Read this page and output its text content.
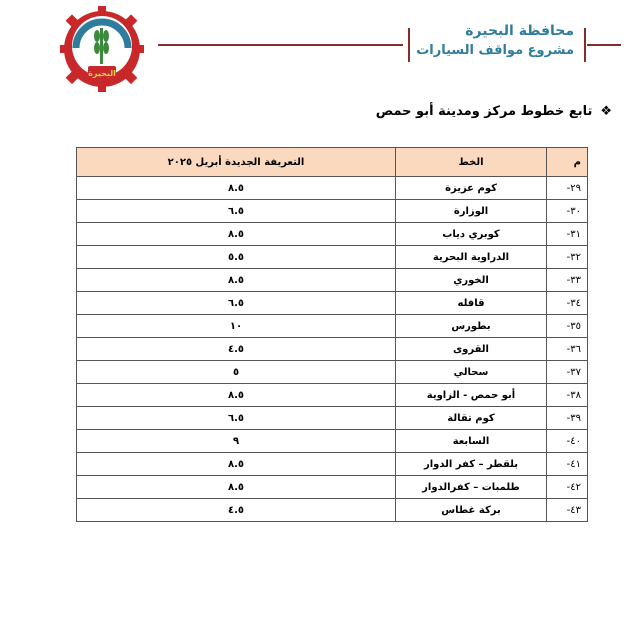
البحيرة
محافظة البحيرة
مشروع مواقف السيارات
❖
تابع خطوط مركز ومدينة أبو حمص
م	الخط	التعريفة الجديدة أبريل ٢٠٢٥
٢٩-	كوم عزيزة	٨.٥
٣٠-	الوزارة	٦.٥
٣١-	كوبري دياب	٨.٥
٣٢-	الدراوية البحرية	٥.٥
٣٣-	الخوري	٨.٥
٣٤-	قافله	٦.٥
٣٥-	بطورس	١٠
٣٦-	القروى	٤.٥
٣٧-	سحالي	٥
٣٨-	أبو حمص - الزاوية	٨.٥
٣٩-	كوم تقالة	٦.٥
٤٠-	السابعة	٩
٤١-	بلقطر – كفر الدوار	٨.٥
٤٢-	طلمبات – كفرالدوار	٨.٥
٤٣-	بركة غطاس	٤.٥
